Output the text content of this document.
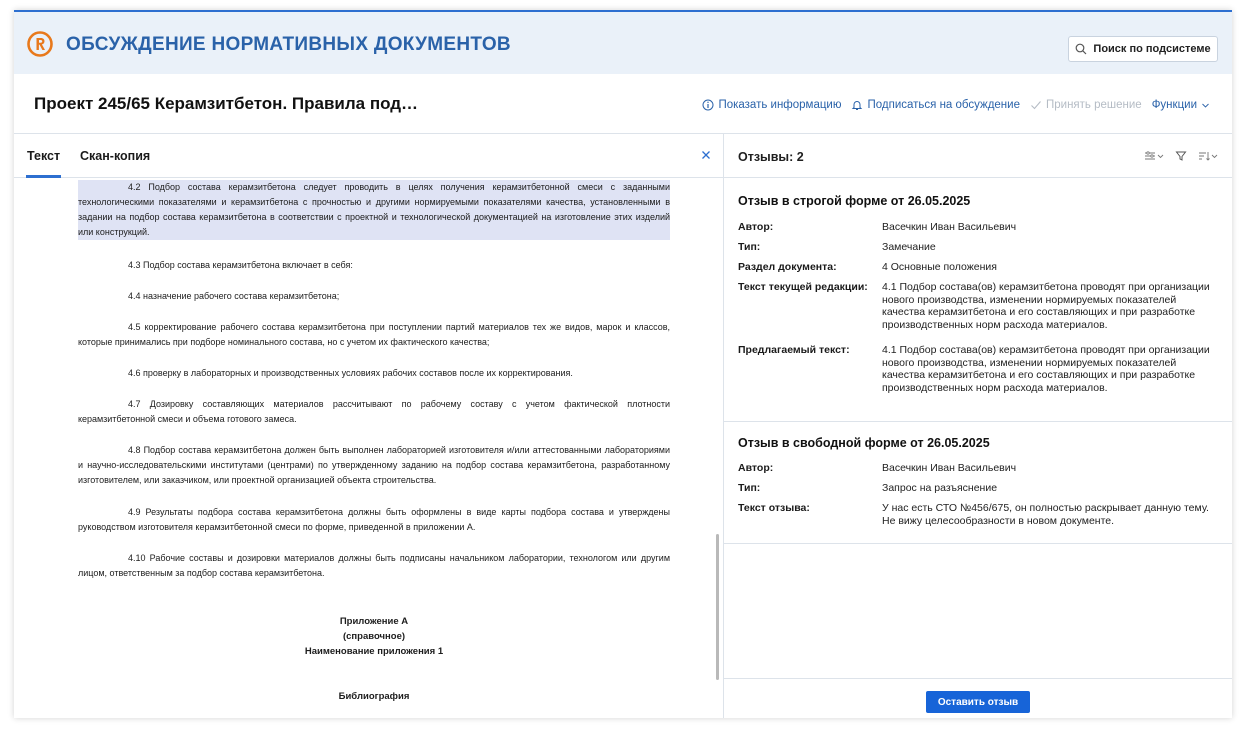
ОБСУЖДЕНИЕ НОРМАТИВНЫХ ДОКУМЕНТОВ	Поиск по подсистеме
Проект 245/65 Керамзитбетон. Правила под…	Показать информацию Подписаться на обсуждение Принять решение Функции
Текст Скан-копия
4.2 Подбор состава керамзитбетона следует проводить в целях получения керамзитбетонной смеси с заданными технологическими показателями и керамзитбетона с прочностью и другими нормируемыми показателями качества, установленными в задании на подбор состава керамзитбетона в соответствии с проектной и технологической документацией на изготовление этих изделий или конструкций.
4.3 Подбор состава керамзитбетона включает в себя:
4.4 назначение рабочего состава керамзитбетона;
4.5 корректирование рабочего состава керамзитбетона при поступлении партий материалов тех же видов, марок и классов, которые принимались при подборе номинального состава, но с учетом их фактического качества;
4.6 проверку в лабораторных и производственных условиях рабочих составов после их корректирования.
4.7 Дозировку составляющих материалов рассчитывают по рабочему составу с учетом фактической плотности керамзитбетонной смеси и объема готового замеса.
4.8 Подбор состава керамзитбетона должен быть выполнен лабораторией изготовителя и/или аттестованными лабораториями и научно-исследовательскими институтами (центрами) по утвержденному заданию на подбор состава керамзитбетона, разработанному изготовителем, или заказчиком, или проектной организацией объекта строительства.
4.9 Результаты подбора состава керамзитбетона должны быть оформлены в виде карты подбора состава и утверждены руководством изготовителя керамзитбетонной смеси по форме, приведенной в приложении А.
4.10 Рабочие составы и дозировки материалов должны быть подписаны начальником лаборатории, технологом или другим лицом, ответственным за подбор состава керамзитбетона.
Приложение А
(справочное)
Наименование приложения 1
Библиография
Отзывы: 2
Отзыв в строгой форме от 26.05.2025
Автор:	Васечкин Иван Васильевич
Тип:	Замечание
Раздел документа:	4 Основные положения
Текст текущей редакции:	4.1 Подбор состава(ов) керамзитбетона проводят при организации нового производства, изменении нормируемых показателей качества керамзитбетона и его составляющих и при разработке производственных норм расхода материалов.
Предлагаемый текст:	4.1 Подбор состава(ов) керамзитбетона проводят при организации нового производства, изменении нормируемых показателей качества керамзитбетона и его составляющих и при разработке производственных норм расхода материалов.
Отзыв в свободной форме от 26.05.2025
Автор:	Васечкин Иван Васильевич
Тип:	Запрос на разъяснение
Текст отзыва:	У нас есть СТО №456/675, он полностью раскрывает данную тему. Не вижу целесообразности в новом документе.
Оставить отзыв
